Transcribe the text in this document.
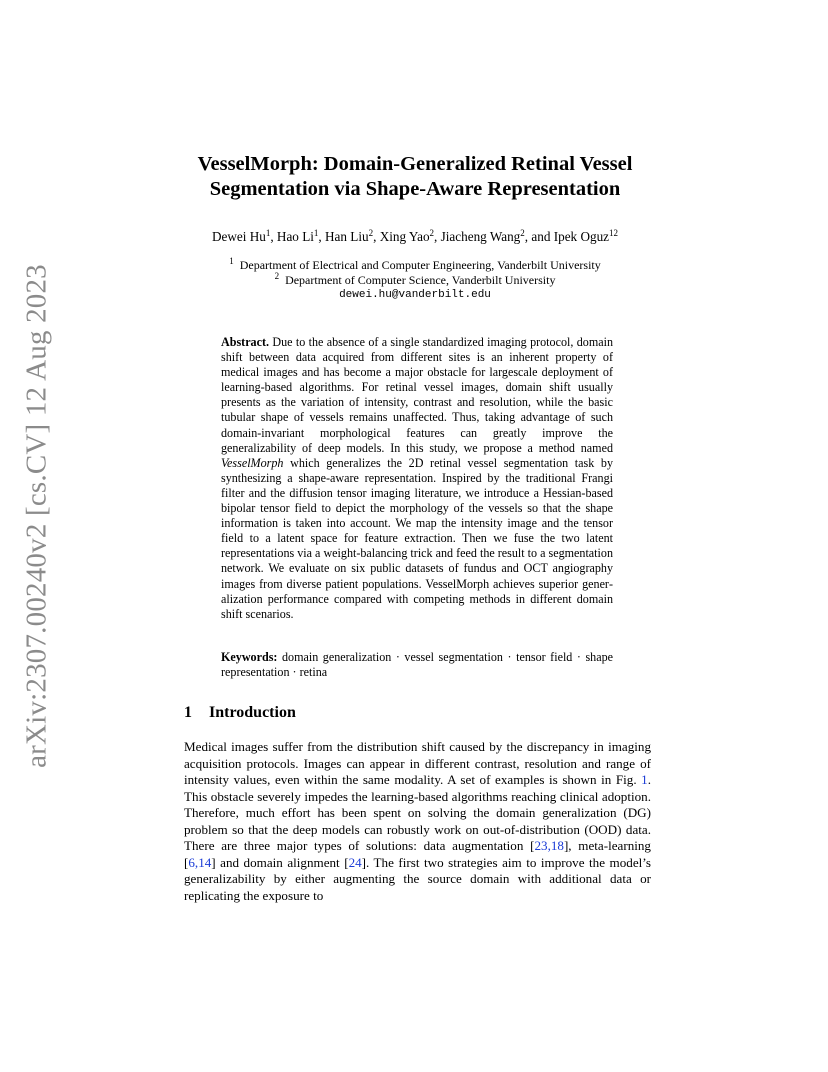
arXiv:2307.00240v2 [cs.CV] 12 Aug 2023
VesselMorph: Domain-Generalized Retinal Vessel
Segmentation via Shape-Aware Representation

Dewei Hu$^1$, Hao Li$^1$, Han Liu$^2$, Xing Yao$^2$, Jiacheng Wang$^2$, and Ipek Oguz$^{12}$

$^1$ Department of Electrical and Computer Engineering, Vanderbilt University
$^2$ Department of Computer Science, Vanderbilt University
dewei.hu@vanderbilt.edu

Abstract. Due to the absence of a single standardized imaging protocol, domain shift between data acquired from different sites is an inherent property of medical images and has become a major obstacle for largescale deployment of learning-based algorithms. For retinal vessel images, domain shift usually presents as the variation of intensity, contrast and resolution, while the basic tubular shape of vessels remains unaffected. Thus, taking advantage of such domain-invariant morphological features can greatly improve the generalizability of deep models. In this study, we propose a method named VesselMorph which generalizes the 2D retinal vessel segmentation task by synthesizing a shape-aware representation. Inspired by the traditional Frangi filter and the diffusion tensor imaging literature, we introduce a Hessian-based bipolar tensor field to depict the morphology of the vessels so that the shape information is taken into account. We map the intensity image and the tensor field to a latent space for feature extraction. Then we fuse the two latent representations via a weight-balancing trick and feed the result to a segmentation network. We evaluate on six public datasets of fundus and OCT angiography images from diverse patient populations. VesselMorph achieves superior generalization performance compared with competing methods in different domain shift scenarios.

Keywords: domain generalization · vessel segmentation · tensor field · shape representation · retina

1 Introduction

Medical images suffer from the distribution shift caused by the discrepancy in imaging acquisition protocols. Images can appear in different contrast, resolution and range of intensity values, even within the same modality. A set of examples is shown in Fig. 1. This obstacle severely impedes the learning-based algorithms reaching clinical adoption. Therefore, much effort has been spent on solving the domain generalization (DG) problem so that the deep models can robustly work on out-of-distribution (OOD) data. There are three major types of solutions: data augmentation [23,18], meta-learning [6,14] and domain alignment [24]. The first two strategies aim to improve the model’s generalizability by either augmenting the source domain with additional data or replicating the exposure to
